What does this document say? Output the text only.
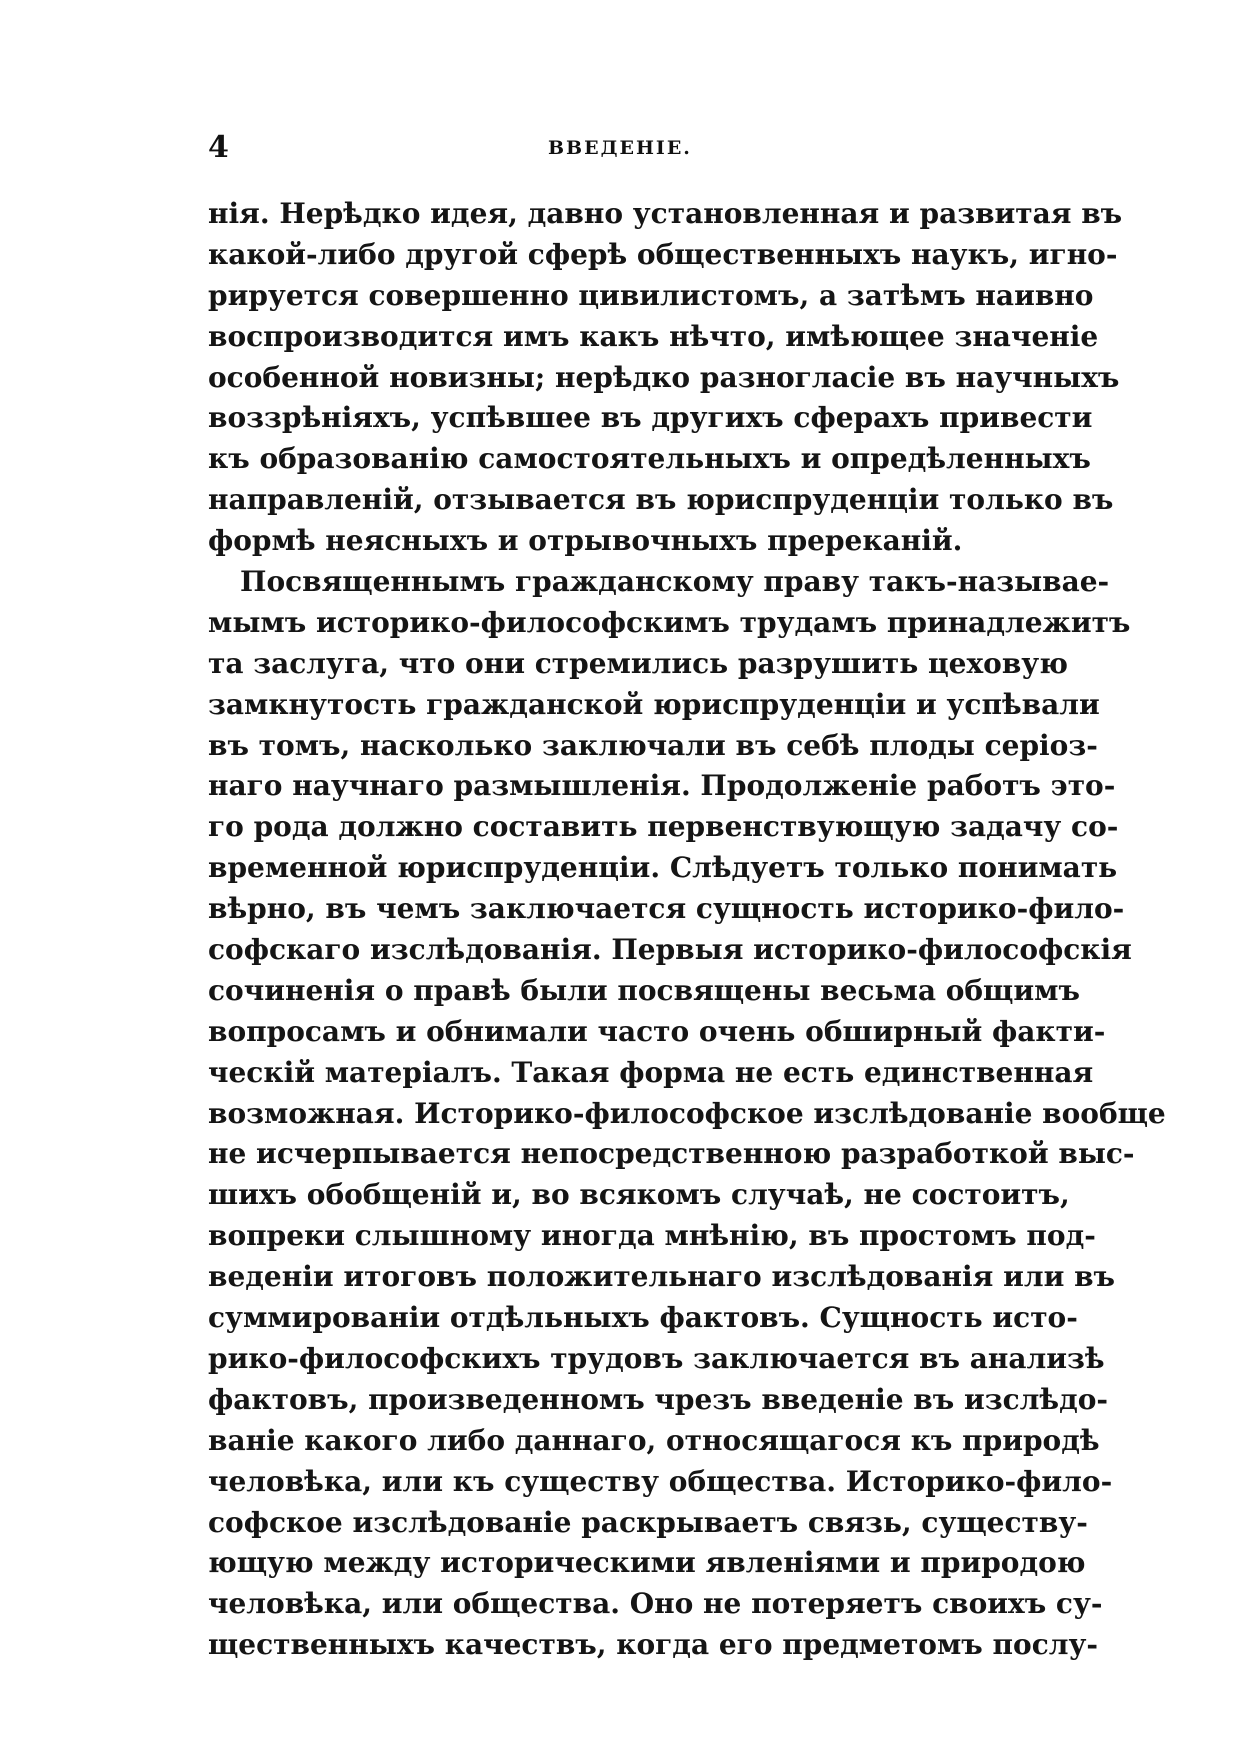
4	ВВЕДЕНІЕ.
нія. Нерѣдко идея, давно установленная и развитая въ
какой-либо другой сферѣ общественныхъ наукъ, игно-
рируется совершенно цивилистомъ, а затѣмъ наивно
воспроизводится имъ какъ нѣчто, имѣющее значеніе
особенной новизны; нерѣдко разногласіе въ научныхъ
воззрѣніяхъ, успѣвшее въ другихъ сферахъ привести
къ образованію самостоятельныхъ и опредѣленныхъ
направленій, отзывается въ юриспруденціи только въ
формѣ неясныхъ и отрывочныхъ пререканій.
Посвященнымъ гражданскому праву такъ-называе-
мымъ историко-философскимъ трудамъ принадлежитъ
та заслуга, что они стремились разрушить цеховую
замкнутость гражданской юриспруденціи и успѣвали
въ томъ, насколько заключали въ себѣ плоды серіоз-
наго научнаго размышленія. Продолженіе работъ это-
го рода должно составить первенствующую задачу со-
временной юриспруденціи. Слѣдуетъ только понимать
вѣрно, въ чемъ заключается сущность историко-фило-
софскаго изслѣдованія. Первыя историко-философскія
сочиненія о правѣ были посвящены весьма общимъ
вопросамъ и обнимали часто очень обширный факти-
ческій матеріалъ. Такая форма не есть единственная
возможная. Историко-философское изслѣдованіе вообще
не исчерпывается непосредственною разработкой выс-
шихъ обобщеній и, во всякомъ случаѣ, не состоитъ,
вопреки слышному иногда мнѣнію, въ простомъ под-
веденіи итоговъ положительнаго изслѣдованія или въ
суммированіи отдѣльныхъ фактовъ. Сущность исто-
рико-философскихъ трудовъ заключается въ анализѣ
фактовъ, произведенномъ чрезъ введеніе въ изслѣдо-
ваніе какого либо даннаго, относящагося къ природѣ
человѣка, или къ существу общества. Историко-фило-
софское изслѣдованіе раскрываетъ связь, существу-
ющую между историческими явленіями и природою
человѣка, или общества. Оно не потеряетъ своихъ су-
щественныхъ качествъ, когда его предметомъ послу-
